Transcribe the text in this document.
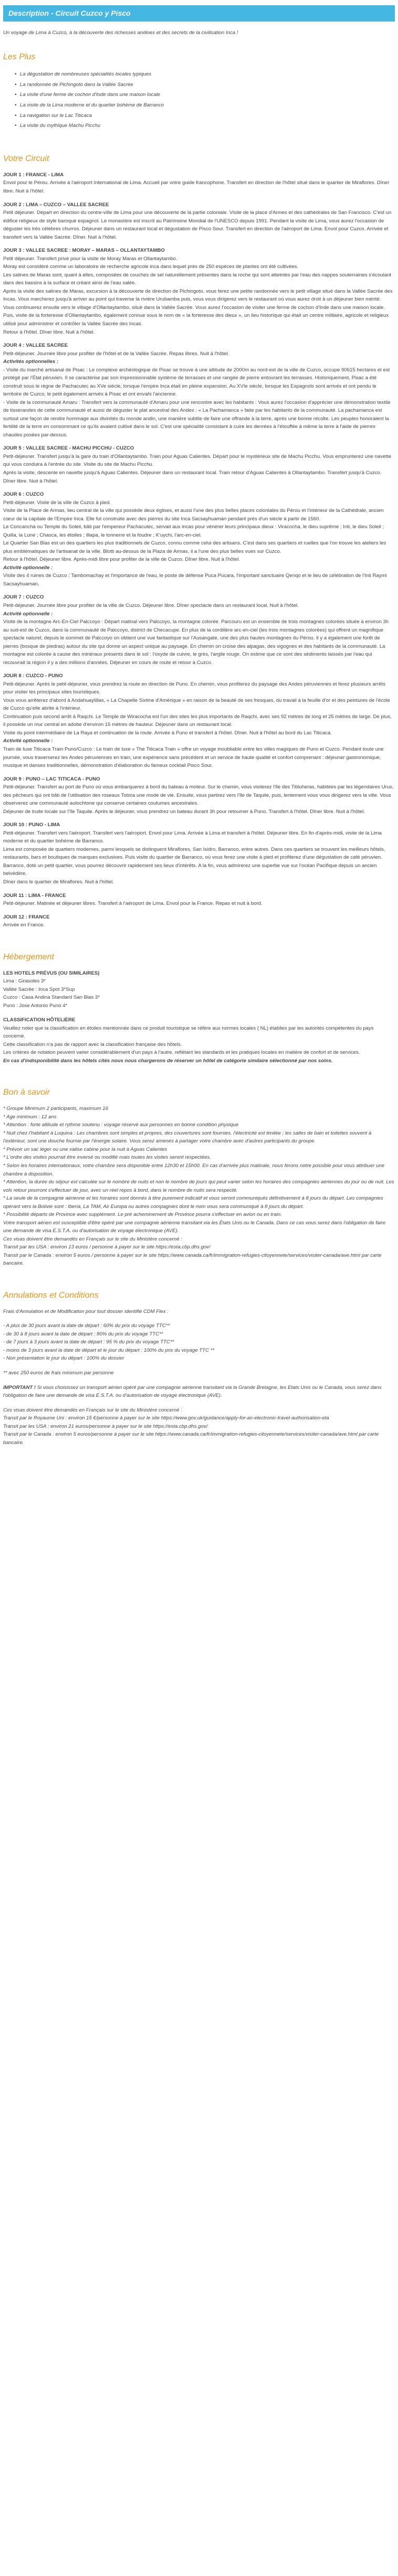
Description - Circuit Cuzco y Pisco

Un voyage de Lima à Cuzco, à la découverte des richesses andines et des secrets de la civilisation Inca !

Les Plus
• La dégustation de nombreuses spécialités locales typiques
• La randonnée de Pichingoto dans la Vallée Sacrée
• La visite d'une ferme de cochon d'Inde dans une maison locale
• La visite de la Lima moderne et du quartier bohème de Barranco
• La navigation sur le Lac Titicaca
• La visite du mythique Machu Picchu
Votre Circuit
JOUR 1 : FRANCE - LIMA

Envol pour le Pérou. Arrivée à l'aéroport International de Lima. Accueil par votre guide francophone. Transfert en direction de l'hôtel situé dans le quartier de Miraflores. Dîner libre. Nuit à l'hôtel.

JOUR 2 : LIMA – CUZCO – VALLEE SACREE

Petit déjeuner. Départ en direction du centre-ville de Lima pour une découverte de la partie coloniale. Visite de la place d'Armes et des cathédrales de San Francisco. C'est un édifice religieux de style baroque espagnol. Le monastère est inscrit au Patrimoine Mondial de l'UNESCO depuis 1991. Pendant la visite de Lima, vous aurez l'occasion de déguster les très célèbres churros. Déjeuner dans un restaurant local et dégustation de Pisco Sour. Transfert en direction de l'aéroport de Lima. Envol pour Cuzco. Arrivée et transfert vers la Vallée Sacrée. Dîner. Nuit à l'hôtel.

JOUR 3 : VALLEE SACREE : MORAY – MARAS – OLLANTAYTAMBO

Petit déjeuner. Transfert privé pour la visite de Moray Maras et Ollantaytambo.

Moray est considéré comme un laboratoire de recherche agricole inca dans lequel près de 250 espèces de plantes ont été cultivées.

Les salines de Maras sont, quant à elles, composées de couches de sel naturellement présentes dans la roche qui sont atteintes par l'eau des nappes souterraines s'écoulant dans des bassins à la surface et créant ainsi de l'eau salée.

Après la visite des salines de Maras, excursion à la découverte de direction de Pichingoto, vous ferez une petite randonnée vers le petit village situé dans la Vallée Sacrée des Incas. Vous marcherez jusqu'à arriver au point qui traverse la rivière Urubamba puis, vous vous dirigerez vers le restaurant où vous aurez droit à un déjeuner bien mérité.

Vous continuerez ensuite vers le village d'Ollantaytambo, situé dans la Vallée Sacrée. Vous aurez l'occasion de visiter une ferme de cochon d'Inde dans une maison locale. Puis, visite de la forteresse d'Ollantaytambo, également connue sous le nom de « la forteresse des dieux », un lieu historique qui était un centre militaire, agricole et religieux utilisé pour administrer et contrôler la Vallée Sacrée des Incas.

Retour à l'hôtel. Dîner libre. Nuit à l'hôtel.

JOUR 4 : VALLEE SACREE

Petit-déjeuner. Journée libre pour profiter de l'hôtel et de la Vallée Sacrée. Repas libres. Nuit à l'hôtel.

Activités optionnelles :

- Visite du marché artisanal de Pisac : Le complexe archéologique de Pisac se trouve à une altitude de 2000m au nord-est de la ville de Cuzco, occupe 90615 hectares et est protégé par l'État péruvien. Il se caractérise par son impressionnable système de terrasses et une rangée de pierre entourant les terrasses. Historiquement, Pisac a été construit sous le règne de Pachacutec au XVe siècle, lorsque l'empire Inca était en pleine expansion. Au XVIe siècle, lorsque les Espagnols sont arrivés et ont pendu le territoire de Cuzco, le petit également arrivés à Pisac et ont envahi l'ancienne.

- Visite de la communauté Amaru : Transfert vers la communauté d'Amaru pour une rencontre avec les habitants : Vous aurez l'occasion d'apprécier une démonstration textile de tisserandes de cette communauté et aussi de déguster le plat ancestral des Andes : « La Pachamanca » faite par les habitants de la communauté. La pachamanca est surtout une façon de rendre hommage aux divinités du monde andin, une manière subtile de faire une offrande à la terre, après une bonne récolte. Les peuples honoraient la fertilité de la terre en consommant ce qu'ils avaient cultivé dans le sol. C'est une spécialité consistant à cuire les denrées à l'étouffée à même la terre à l'aide de pierres chaudes posées par-dessus.

JOUR 5 : VALLEE SACREE - MACHU PICCHU - CUZCO

Petit-déjeuner. Transfert jusqu'à la gare du train d'Ollantaytambo. Train pour Aguas Calientes. Départ pour le mystérieux site de Machu Picchu. Vous emprunterez une navette qui vous conduira à l'entrée du site. Visite du site de Machu Picchu.

Après la visite, descente en navette jusqu'à Aguas Calientes. Déjeuner dans un restaurant local. Train retour d'Aguas Calientes à Ollantaytambo. Transfert jusqu'à Cuzco. Dîner libre. Nuit à l'hôtel.

JOUR 6 : CUZCO

Petit-déjeuner. Visite de la ville de Cuzco à pied.

Visite de la Place de Armas, lieu central de la ville qui possède deux églises, et aussi l'une des plus belles places coloniales du Pérou et l'intérieur de la Cathédrale, ancien cœur de la capitale de l'Empire Inca. Elle fut construite avec des pierres du site Inca Sacsayhuamán pendant près d'un siècle à partir de 1560.

Le Coricancha ou Temple du Soleil, bâti par l'empereur Pachacutec, servait aux incas pour vénérer leurs principaux dieux : Viracocha, le dieu suprême ; Inti, le dieu Soleil ; Quilla, la Lune ; Chasca, les étoiles ; Illapa, le tonnerre et la foudre ; K'uychi, l'arc-en-ciel.

Le Quartier San Blas est un des quartiers les plus traditionnels de Cuzco, connu comme celui des artisans. C'est dans ses quartiers et ruelles que l'on trouve les ateliers les plus emblématiques de l'artisanat de la ville. Blotti au-dessus de la Plaza de Armas, il a l'une des plus belles vues sur Cuzco.

Retour à l'hôtel. Déjeuner libre. Après-midi libre pour profiter de la ville de Cuzco. Dîner libre. Nuit à l'hôtel.

Activité optionnelle :

Visite des 4 ruines de Cuzco : Tambomachay et l'importance de l'eau, le poste de défense Puca Pucara, l'important sanctuaire Qenqo et le lieu de célébration de l'Inti Raymi Sacsayhuaman.

JOUR 7 : CUZCO

Petit-déjeuner. Journée libre pour profiter de la ville de Cuzco. Déjeuner libre. Dîner spectacle dans un restaurant local. Nuit à l'hôtel.

Activité optionnelle :

Visite de la montagne Arc-En-Ciel Palccoyo : Départ matinal vers Palccoyo, la montagne colorée. Parcouru est un ensemble de trois montagnes colorées située à environ 3h au sud-est de Cuzco, dans la communauté de Palccoyo, district de Checacupe. En plus de la cordillère arc-en-ciel (les trois montagnes colorées) qui offrent un magnifique spectacle naturel, depuis le sommet de Palccoyo on obtient une vue fantastique sur l'Ausangate, une des plus hautes montagnes du Pérou. Il y a également une forêt de pierres (bosque de piedras) autour du site qui donne un aspect unique au paysage. En chemin on croise des alpagas, des vigognes et des habitants de la communauté. La montagne est colorée à cause des minéraux présents dans le sol : l'oxyde de cuivre, le grès, l'argile rouge. On estime que ce sont des sédiments laissés par l'eau qui recouvrait la région il y a des millions d'années. Déjeuner en cours de route et retour à Cuzco.

JOUR 8 : CUZCO - PUNO

Petit-déjeuner. Après le petit-déjeuner, vous prendrez la route en direction de Puno. En chemin, vous profiterez du paysage des Andes péruviennes et ferez plusieurs arrêts pour visiter les principaux sites touristiques.

Vous vous arrêterez d'abord à Andahuaylillas, « La Chapelle Sixtine d'Amérique » en raison de la beauté de ses fresques, du travail à la feuille d'or et des peintures de l'école de Cuzco qu'elle abrite à l'intérieur.

Continuation puis second arrêt à Raqchi. Le Temple de Wiracocha est l'un des sites les plus importants de Raqchi, avec ses 92 mètres de long et 25 mètres de large. De plus, il possède un mur central en adobe d'environ 15 mètres de hauteur. Déjeuner dans un restaurant local.

Visite du point intermédiaire de La Raya et continuation de la route. Arrivée à Puno et transfert à l'hôtel. Dîner. Nuit à l'hôtel au bord du Lac Titicaca.

Activité optionnelle :

Train de luxe Titicaca Train Puno/Cuzco : Le train de luxe « The Titicaca Train » offre un voyage inoubliable entre les villes magiques de Puno et Cuzco. Pendant toute une journée, vous traverserez les Andes péruviennes en train, une expérience sans précédent et un service de haute qualité et confort comprenant : déjeuner gastronomique, musique et danses traditionnelles, démonstration d'élaboration du fameux cocktail Pisco Sour.

JOUR 9 : PUNO – LAC TITICACA - PUNO

Petit-déjeuner. Transfert au port de Puno où vous embarquerez à bord du bateau à moteur. Sur le chemin, vous visiterez l'île des Titiluheras, habitées par les légendaires Urus, des pêcheurs qui ont bâti de l'utilisation des roseaux Totora une mode de vie. Ensuite, vous partirez vers l'île de Taquile, puis, lentement vous vous dirigerez vers la ville. Vous observerez une communauté autochtone qui conserve certaines coutumes ancestrales.

Déjeuner de truite locale sur l'île Taquile. Après le déjeuner, vous prendrez un bateau durant 3h pour retourner à Puno. Transfert à l'hôtel. Dîner libre. Nuit à l'hôtel.

JOUR 10 : PUNO - LIMA

Petit-déjeuner. Transfert vers l'aéroport. Transfert vers l'aéroport. Envol pour Lima. Arrivée à Lima et transfert à l'hôtel. Déjeuner libre. En fin d'après-midi, visite de la Lima moderne et du quartier bohème de Barranco.

Lima est composée de quartiers modernes, parmi lesquels se distinguent Miraflores, San Isidro, Barranco, entre autres. Dans ces quartiers se trouvent les meilleurs hôtels, restaurants, bars et boutiques de marques exclusives. Puis visite du quartier de Barranco, où vous ferez une visite à pied et profiterez d'une dégustation de café péruvien. Barranco, doté un petit quartier, vous pourrez découvrir rapidement ses lieux d'intérêts. A la fin, vous admirerez une superbe vue sur l'océan Pacifique depuis un ancien belvédère.

Dîner dans le quartier de Miraflores. Nuit à l'hôtel.

JOUR 11 : LIMA - FRANCE

Petit-déjeuner. Matinée et déjeuner libres. Transfert à l'aéroport de Lima. Envol pour la France. Repas et nuit à bord.

JOUR 12 : FRANCE

Arrivée en France.

Hébergement

LES HOTELS PRÉVUS (OU SIMILAIRES)

Lima : Girasoles 3*

Vallée Sacrée : Inca Spot 3*Sup

Cuzco : Casa Andina Standard San Blas 3*

Puno : Jose Antonio Puno 4*

CLASSIFICATION HÔTELIÈRE

Veuillez noter que la classification en étoiles mentionnée dans ce produit touristique se réfère aux normes locales ( NL) établies par les autorités compétentes du pays concerné.

Cette classification n'a pas de rapport avec la classification française des hôtels.

Les critères de notation peuvent varier considérablement d'un pays à l'autre, reflétant les standards et les pratiques locales en matière de confort et de services.

En cas d'indisponibilité dans les hôtels cités nous nous chargerons de réserver un hôtel de catégorie similaire sélectionné par nos soins.

Bon à savoir

* Groupe Minimum 2 participants, maximum 16

* Age minimum : 12 ans

* Attention : forte altitude et rythme soutenu : voyage réservé aux personnes en bonne condition physique

* Nuit chez l'habitant à Luquina : Les chambres sont simples et propres, des couvertures sont fournies. l'électricité est limitée ; les salles de bain et toilettes souvent à l'extérieur, sont une douche fournie par l'énergie solaire. Vous serez amenés à partager votre chambre avec d'autres participants du groupe.

* Prévoir un sac léger ou une valise cabine pour la nuit à Aguas Calientes

* L'ordre des visites pourrait être inversé ou modifié mais toutes les visites seront respectées.

* Selon les horaires internationaux, votre chambre sera disponible entre 12h30 et 15h00. En cas d'arrivée plus matinale, nous ferons notre possible pour vous attribuer une chambre à disposition.

* Attention, la durée du séjour est calculée sur le nombre de nuits et non le nombre de jours qui peut varier selon les horaires des compagnies aériennes du jour ou de nuit. Les vols retour pourront s'effectuer de jour, avec un réel repos à bord, dans le nombre de nuits sera respecté.

* La seule de la compagnie aérienne et les horaires sont donnés à titre purement indicatif et vous seront communiqués définitivement à 8 jours du départ. Les compagnies opérant vers la Bolivie sont : Iberia, La TAM, Air Europa ou autres compagnies dont le nom vous sera communiqué à 8 jours du départ.

* Possibilité départs de Province avec supplément. Le pré acheminement de Province pourra s'effectuer en avion ou en train.

Votre transport aérien est susceptible d'être opéré par une compagnie aérienne transitant via les États Unis ou le Canada. Dans ce cas vous serez dans l'obligation de faire une demande de visa E.S.T.A. ou d'autorisation de voyage électronique (AVE).

Ces visas doivent être demandés en Français sur le site du Ministère concerné :

Transit par les USA : environ 13 euros / personne à payer sur le site https://esta.cbp.dhs.gov/

Transit par le Canada : environ 5 euros / personne à payer sur le site https://www.canada.ca/fr/immigration-refugies-citoyennete/services/visiter-canada/ave.html par carte bancaire.

Annulations et Conditions

Frais d'Annulation et de Modification pour tout dossier identifié CDM Flex :

- A plus de 30 jours avant la date de départ : 60% du prix du voyage TTC**

- de 30 à 8 jours avant la date de départ : 80% du prix du voyage TTC**

- de 7 jours à 3 jours avant la date de départ : 95 % du prix du voyage TTC**

- moins de 3 jours avant la date de départ et le jour du départ : 100% du prix du voyage TTC **

- Non présentation le jour du départ : 100% du dossier

** avec 250 euros de frais minimum par personne

IMPORTANT ! Si vous choisissez un transport aérien opéré par une compagnie aérienne transitant via la Grande Bretagne, les Etats Unis ou le Canada, vous serez dans l'obligation de faire une demande de visa E.S.T.A. ou d'autorisation de voyage électronique (AVE).

Ces visas doivent être demandés en Français sur le site du Ministère concerné :

Transit par le Royaume Uni : environ 15 €/personne à payer sur le site https://www.gov.uk/guidance/apply-for-an-electronic-travel-authorisation-eta

Transit par les USA : environ 21 euros/personne à payer sur le site https://esta.cbp.dhs.gov/

Transit par le Canada : environ 5 euros/personne à payer sur le site https://www.canada.ca/fr/immigration-refugies-citoyennete/services/visiter-canada/ave.html par carte bancaire.
